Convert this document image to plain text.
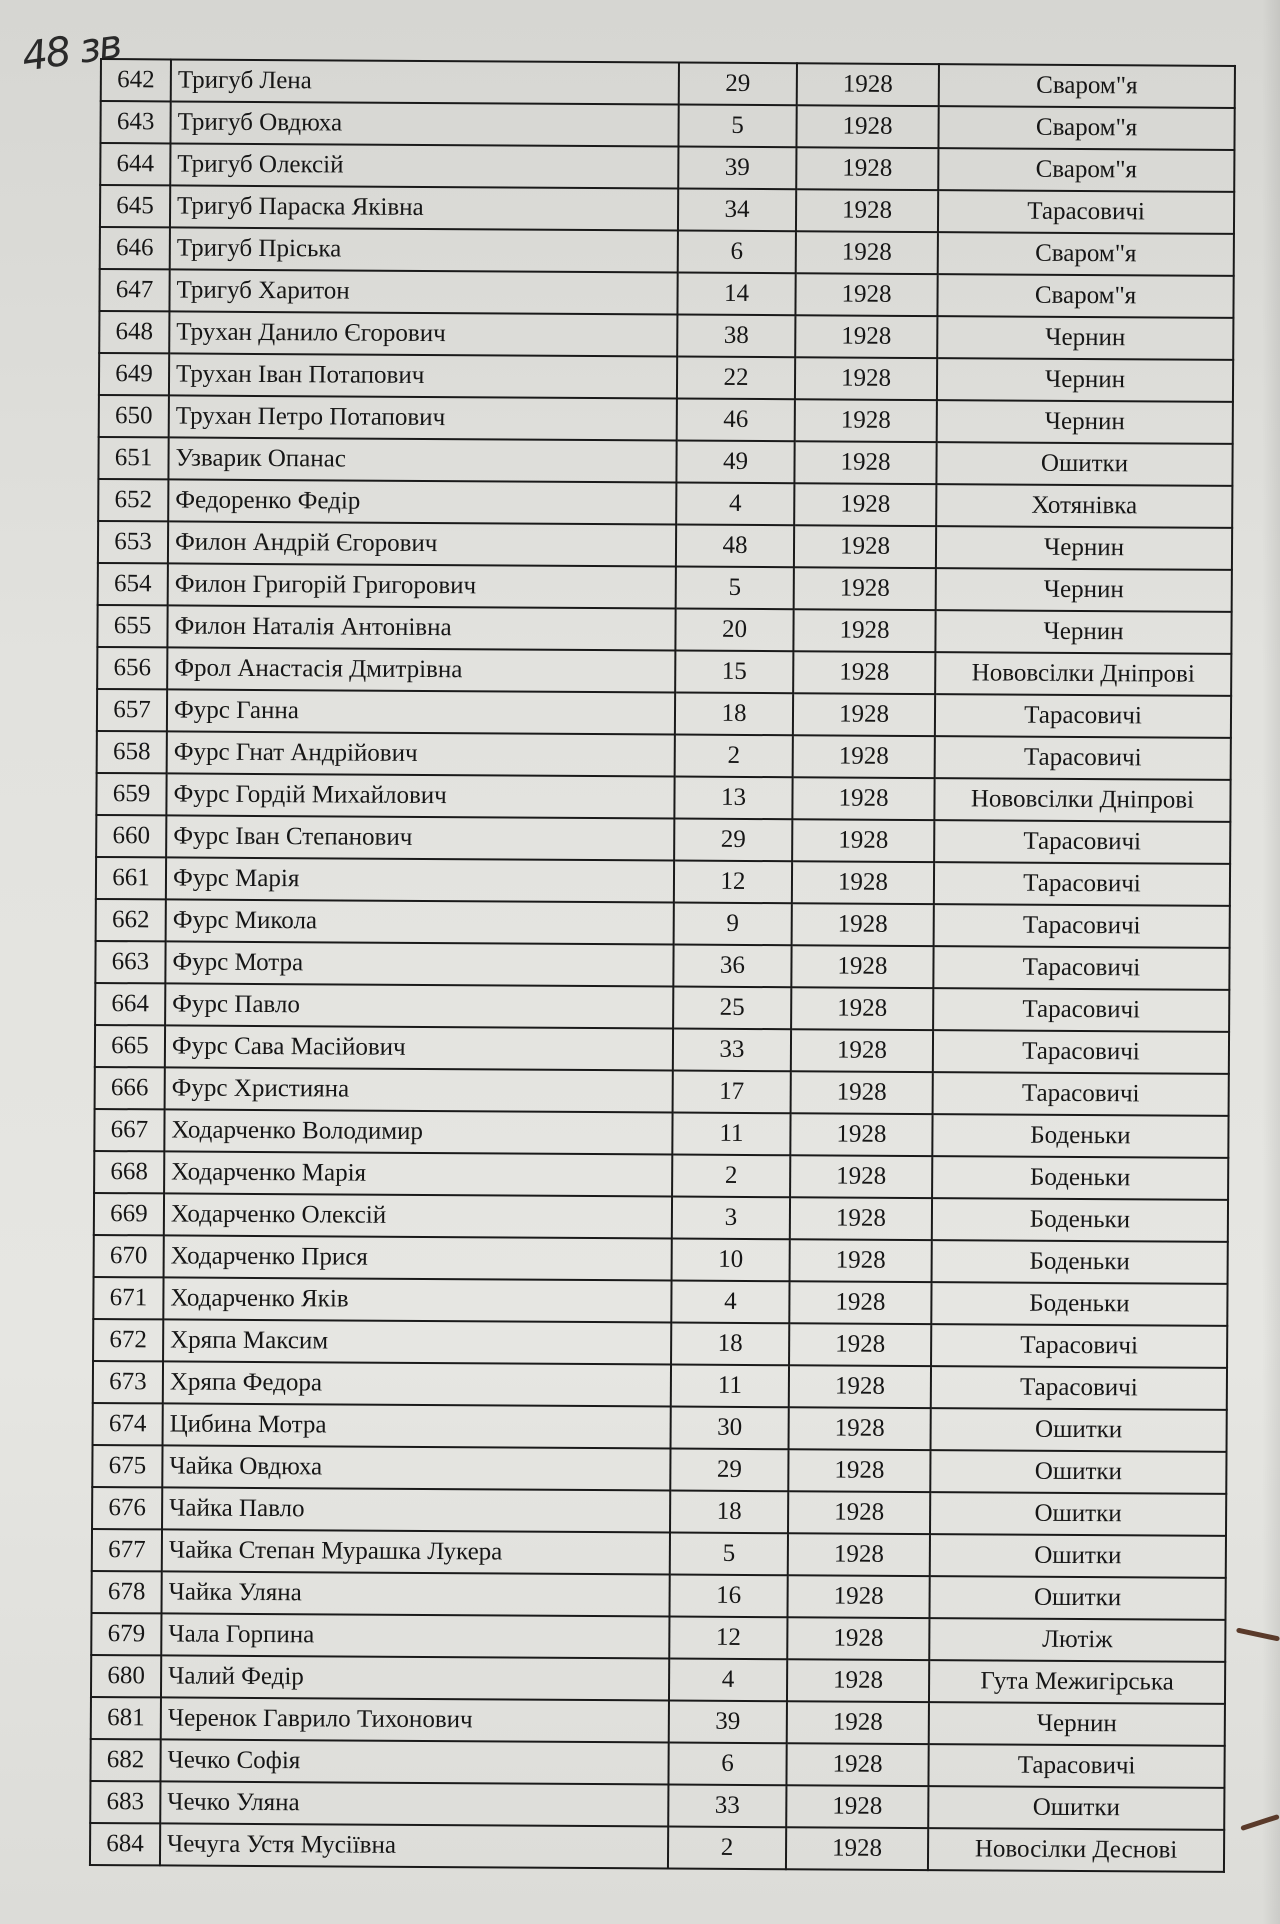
48 зв
642	Тригуб Лена	29	1928	Сваром"я
643	Тригуб Овдюха	5	1928	Сваром"я
644	Тригуб Олексій	39	1928	Сваром"я
645	Тригуб Параска Яківна	34	1928	Тарасовичі
646	Тригуб Пріська	6	1928	Сваром"я
647	Тригуб Харитон	14	1928	Сваром"я
648	Трухан Данило Єгорович	38	1928	Чернин
649	Трухан Іван Потапович	22	1928	Чернин
650	Трухан Петро Потапович	46	1928	Чернин
651	Узварик Опанас	49	1928	Ошитки
652	Федоренко Федір	4	1928	Хотянівка
653	Филон Андрій Єгорович	48	1928	Чернин
654	Филон Григорій Григорович	5	1928	Чернин
655	Филон Наталія Антонівна	20	1928	Чернин
656	Фрол Анастасія Дмитрівна	15	1928	Нововсілки Дніпрові
657	Фурс Ганна	18	1928	Тарасовичі
658	Фурс Гнат Андрійович	2	1928	Тарасовичі
659	Фурс Гордій Михайлович	13	1928	Нововсілки Дніпрові
660	Фурс Іван Степанович	29	1928	Тарасовичі
661	Фурс Марія	12	1928	Тарасовичі
662	Фурс Микола	9	1928	Тарасовичі
663	Фурс Мотра	36	1928	Тарасовичі
664	Фурс Павло	25	1928	Тарасовичі
665	Фурс Сава Масійович	33	1928	Тарасовичі
666	Фурс Християна	17	1928	Тарасовичі
667	Ходарченко Володимир	11	1928	Боденьки
668	Ходарченко Марія	2	1928	Боденьки
669	Ходарченко Олексій	3	1928	Боденьки
670	Ходарченко Прися	10	1928	Боденьки
671	Ходарченко Яків	4	1928	Боденьки
672	Хряпа Максим	18	1928	Тарасовичі
673	Хряпа Федора	11	1928	Тарасовичі
674	Цибина Мотра	30	1928	Ошитки
675	Чайка Овдюха	29	1928	Ошитки
676	Чайка Павло	18	1928	Ошитки
677	Чайка Степан Мурашка Лукера	5	1928	Ошитки
678	Чайка Уляна	16	1928	Ошитки
679	Чала Горпина	12	1928	Лютіж
680	Чалий Федір	4	1928	Гута Межигірська
681	Черенок Гаврило Тихонович	39	1928	Чернин
682	Чечко Софія	6	1928	Тарасовичі
683	Чечко Уляна	33	1928	Ошитки
684	Чечуга Устя Мусіївна	2	1928	Новосілки Деснові
